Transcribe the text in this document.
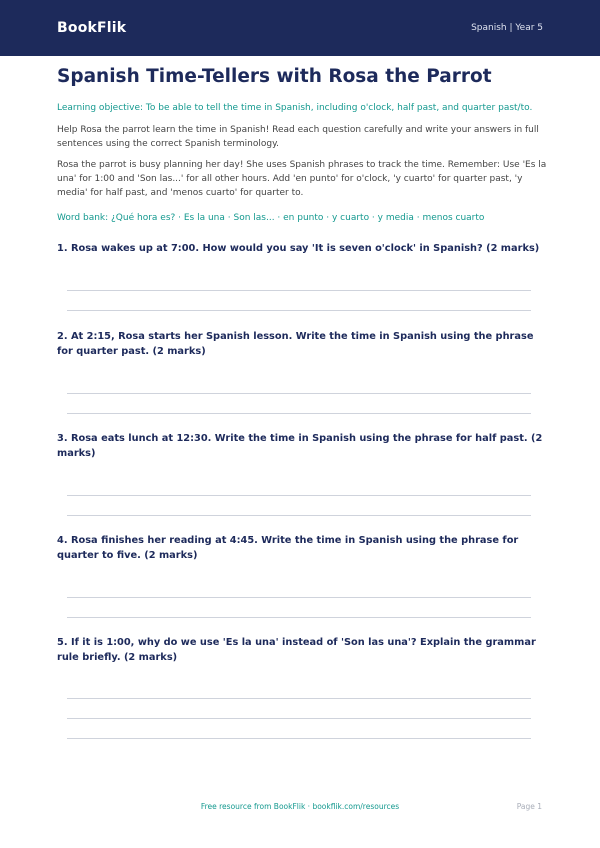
BookFlik	Spanish | Year 5
Spanish Time-Tellers with Rosa the Parrot
Learning objective: To be able to tell the time in Spanish, including o'clock, half past, and quarter past/to.
Help Rosa the parrot learn the time in Spanish! Read each question carefully and write your answers in full sentences using the correct Spanish terminology.
Rosa the parrot is busy planning her day! She uses Spanish phrases to track the time. Remember: Use 'Es la una' for 1:00 and 'Son las...' for all other hours. Add 'en punto' for o'clock, 'y cuarto' for quarter past, 'y media' for half past, and 'menos cuarto' for quarter to.
Word bank: ¿Qué hora es? · Es la una · Son las... · en punto · y cuarto · y media · menos cuarto
1. Rosa wakes up at 7:00. How would you say 'It is seven o'clock' in Spanish? (2 marks)
2. At 2:15, Rosa starts her Spanish lesson. Write the time in Spanish using the phrase for quarter past. (2 marks)
3. Rosa eats lunch at 12:30. Write the time in Spanish using the phrase for half past. (2 marks)
4. Rosa finishes her reading at 4:45. Write the time in Spanish using the phrase for quarter to five. (2 marks)
5. If it is 1:00, why do we use 'Es la una' instead of 'Son las una'? Explain the grammar rule briefly. (2 marks)
Free resource from BookFlik · bookflik.com/resources	Page 1
